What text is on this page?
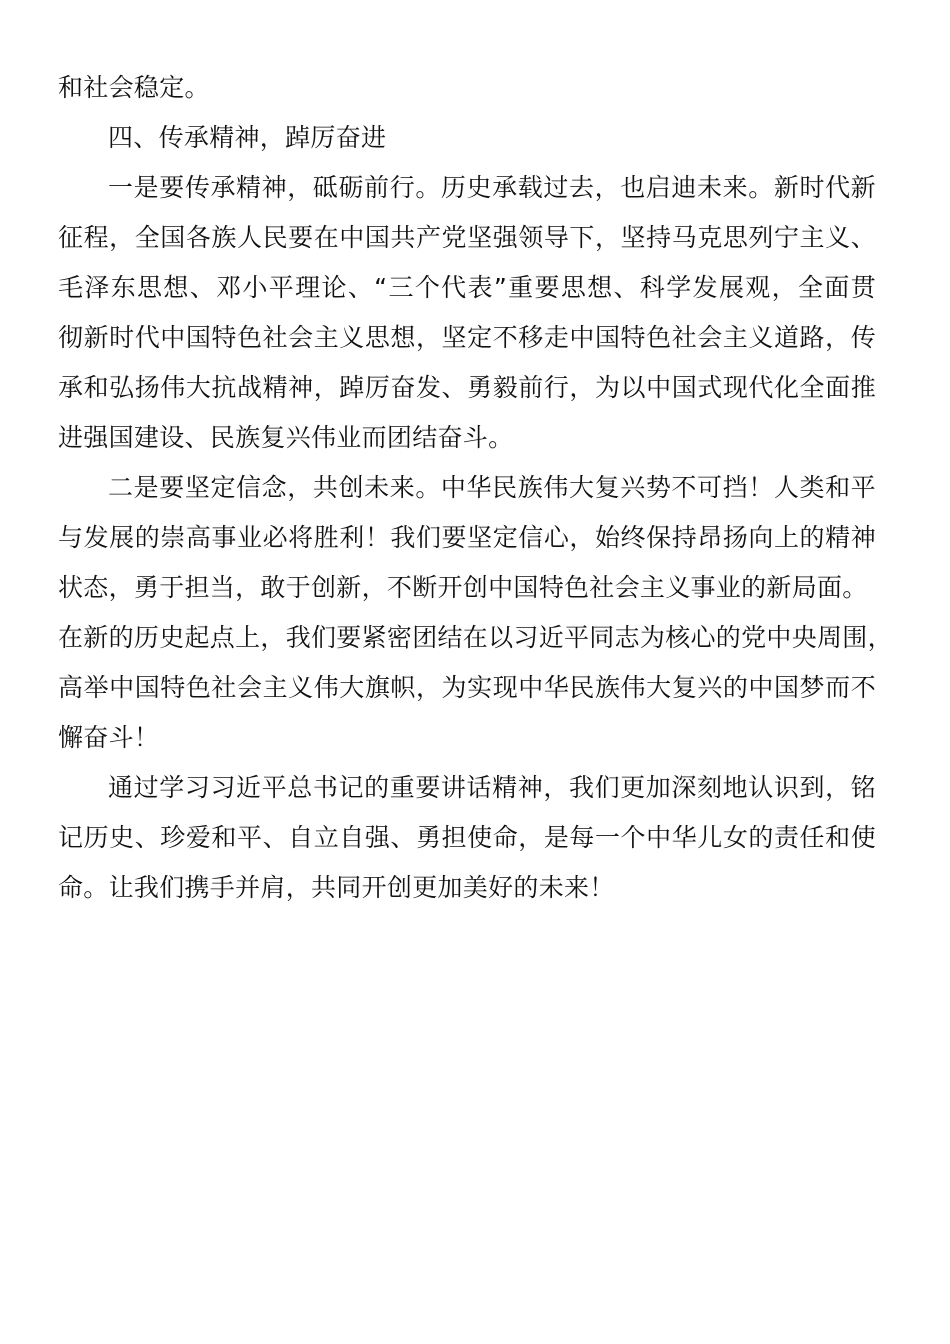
和社会稳定。
四、传承精神，踔厉奋进
一是要传承精神，砥砺前行。历史承载过去，也启迪未来。新时代新
征程，全国各族人民要在中国共产党坚强领导下，坚持马克思列宁主义、
毛泽东思想、邓小平理论、“三个代表”重要思想、科学发展观，全面贯
彻新时代中国特色社会主义思想，坚定不移走中国特色社会主义道路，传
承和弘扬伟大抗战精神，踔厉奋发、勇毅前行，为以中国式现代化全面推
进强国建设、民族复兴伟业而团结奋斗。
二是要坚定信念，共创未来。中华民族伟大复兴势不可挡！人类和平
与发展的崇高事业必将胜利！我们要坚定信心，始终保持昂扬向上的精神
状态，勇于担当，敢于创新，不断开创中国特色社会主义事业的新局面。
在新的历史起点上，我们要紧密团结在以习近平同志为核心的党中央周围，
高举中国特色社会主义伟大旗帜，为实现中华民族伟大复兴的中国梦而不
懈奋斗！
通过学习习近平总书记的重要讲话精神，我们更加深刻地认识到，铭
记历史、珍爱和平、自立自强、勇担使命，是每一个中华儿女的责任和使
命。让我们携手并肩，共同开创更加美好的未来！
